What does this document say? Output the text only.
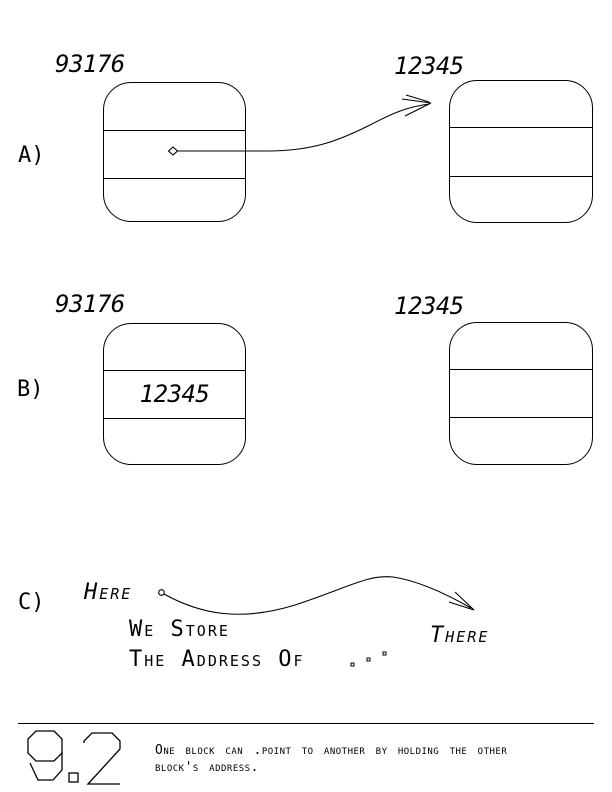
A)
93176	12345
B)
93176
12345
12345
C) Here
We Store
The Address Of
There
One block can .point to another by holding the other
block's address.
